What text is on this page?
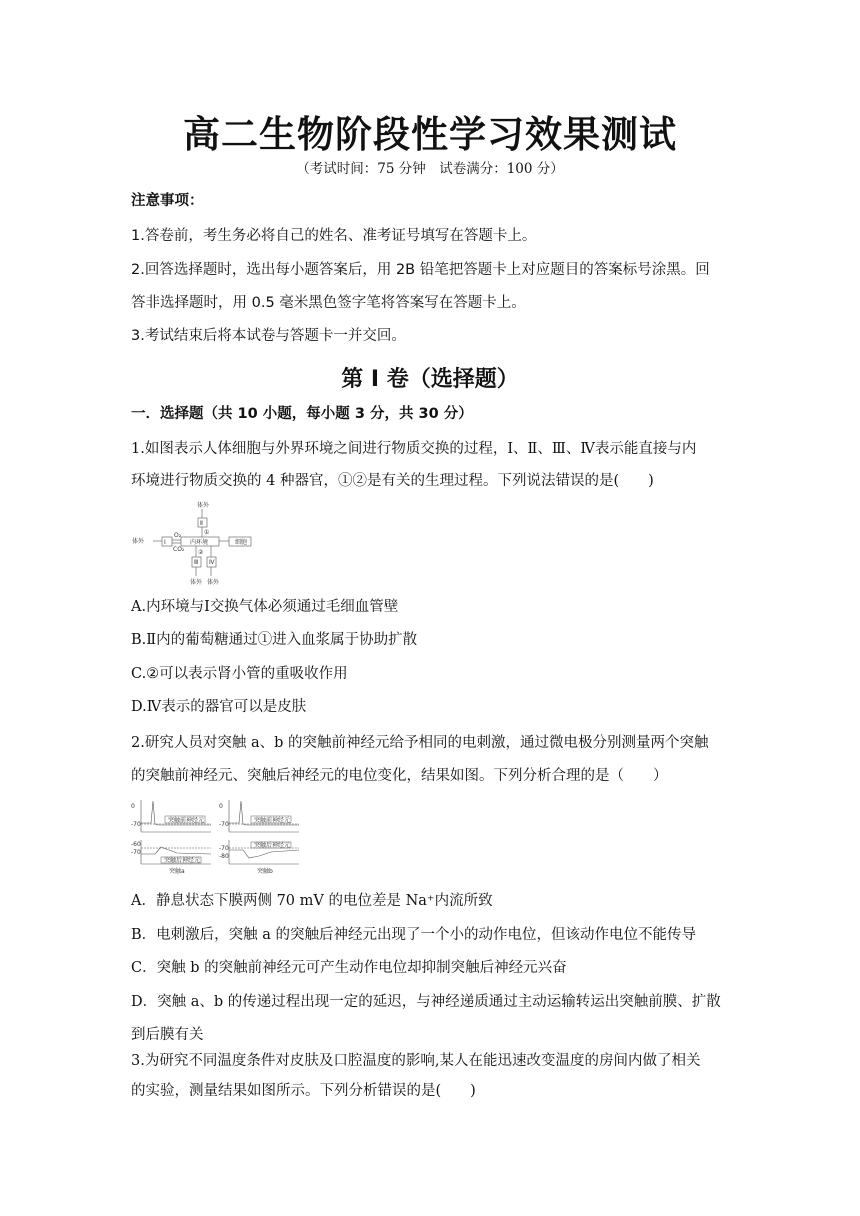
高二生物阶段性学习效果测试
（考试时间：75 分钟　试卷满分：100 分）
注意事项：
1.答卷前，考生务必将自己的姓名、准考证号填写在答题卡上。
2.回答选择题时，选出每小题答案后，用 2B 铅笔把答题卡上对应题目的答案标号涂黑。回
答非选择题时，用 0.5 毫米黑色签字笔将答案写在答题卡上。
3.考试结束后将本试卷与答题卡一并交回。
第 I 卷（选择题）
一．选择题（共 10 小题，每小题 3 分，共 30 分）
1.如图表示人体细胞与外界环境之间进行物质交换的过程，Ⅰ、Ⅱ、Ⅲ、Ⅳ表示能直接与内
环境进行物质交换的 4 种器官，①②是有关的生理过程。下列说法错误的是(　　)
体外
体外
体外 体外
Ⅰ
Ⅱ
Ⅲ Ⅳ
内环境	细胞
O₂
CO₂
①
②
A.内环境与Ⅰ交换气体必须通过毛细血管壁
B.Ⅱ内的葡萄糖通过①进入血浆属于协助扩散
C.②可以表示肾小管的重吸收作用
D.Ⅳ表示的器官可以是皮肤
2.研究人员对突触 a、b 的突触前神经元给予相同的电刺激，通过微电极分别测量两个突触
的突触前神经元、突触后神经元的电位变化，结果如图。下列分析合理的是（　　）
突触前神经元
突触后神经元
突触前神经元
突触后神经元
0
-70
-60
-70
0
-70
-70
-80
突触a	突触b
A．静息状态下膜两侧 70 mV 的电位差是 Na⁺内流所致
B．电刺激后，突触 a 的突触后神经元出现了一个小的动作电位，但该动作电位不能传导
C．突触 b 的突触前神经元可产生动作电位却抑制突触后神经元兴奋
D．突触 a、b 的传递过程出现一定的延迟，与神经递质通过主动运输转运出突触前膜、扩散
到后膜有关
3.为研究不同温度条件对皮肤及口腔温度的影响,某人在能迅速改变温度的房间内做了相关
的实验，测量结果如图所示。下列分析错误的是(　　)
